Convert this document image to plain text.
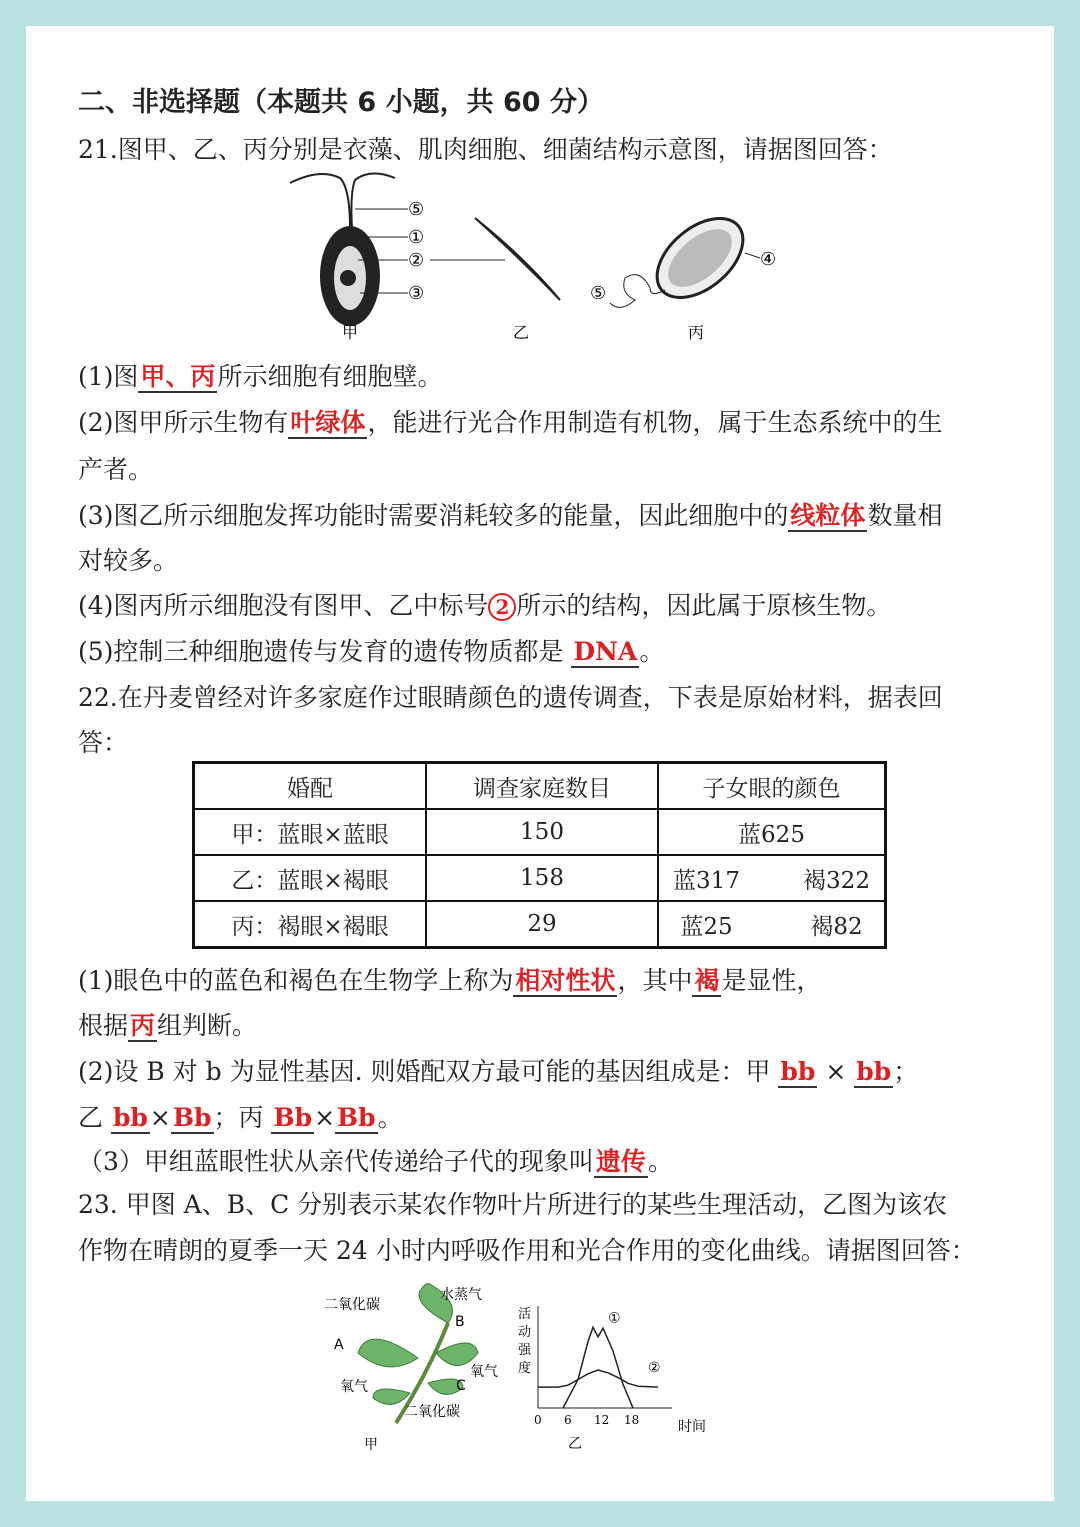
二、非选择题（本题共 6 小题，共 60 分）
21.图甲、乙、丙分别是衣藻、肌肉细胞、细菌结构示意图，请据图回答：
⑤
①
②
③
甲	乙
④
⑤
丙
(1)图甲、丙所示细胞有细胞壁。
(2)图甲所示生物有叶绿体，能进行光合作用制造有机物，属于生态系统中的生
产者。
(3)图乙所示细胞发挥功能时需要消耗较多的能量，因此细胞中的线粒体数量相
对较多。
(4)图丙所示细胞没有图甲、乙中标号 2 所示的结构，因此属于原核生物。
(5)控制三种细胞遗传与发育的遗传物质都是 DNA。
22.在丹麦曾经对许多家庭作过眼睛颜色的遗传调查，下表是原始材料，据表回
答：
婚配	调查家庭数目	子女眼的颜色
甲：蓝眼×蓝眼	150	蓝625
乙：蓝眼×褐眼	158	蓝317 褐322
丙：褐眼×褐眼	29	蓝25 褐82
(1)眼色中的蓝色和褐色在生物学上称为相对性状，其中褐是显性，
根据丙组判断。
(2)设 B 对 b 为显性基因. 则婚配双方最可能的基因组成是：甲 bb × bb；
乙 bb×Bb；丙 Bb×Bb。
（3）甲组蓝眼性状从亲代传递给子代的现象叫遗传。
23. 甲图 A、B、C 分别表示某农作物叶片所进行的某些生理活动，乙图为该农
作物在晴朗的夏季一天 24 小时内呼吸作用和光合作用的变化曲线。请据图回答：
二氧化碳
水蒸气
A
B
C
氧气
氧气
二氧化碳
甲
活
动
强
度
时间
乙
0 6 12 18
①
②
